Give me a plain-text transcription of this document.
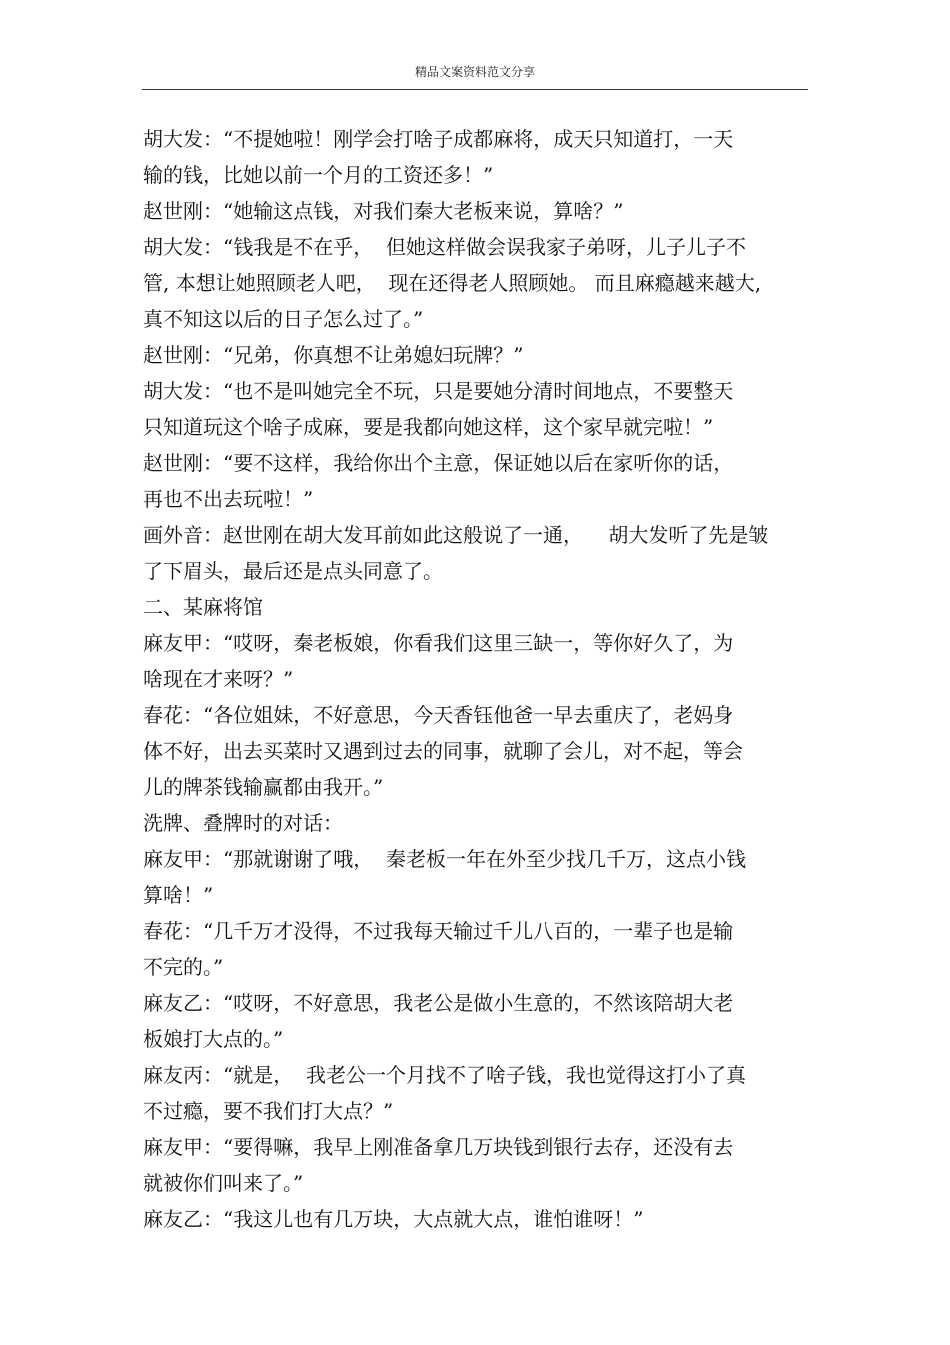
精品文案资料范文分享
胡大发：“不提她啦！刚学会打啥子成都麻将，成天只知道打，一天
输的钱，比她以前一个月的工资还多！”
赵世刚：“她输这点钱，对我们秦大老板来说，算啥？”
胡大发：“钱我是不在乎，  但她这样做会误我家子弟呀，儿子儿子不
管, 本想让她照顾老人吧，  现在还得老人照顾她。 而且麻瘾越来越大,
真不知这以后的日子怎么过了。”
赵世刚：“兄弟，你真想不让弟媳妇玩牌？”
胡大发：“也不是叫她完全不玩，只是要她分清时间地点，不要整天
只知道玩这个啥子成麻，要是我都向她这样，这个家早就完啦！”
赵世刚：“要不这样，我给你出个主意，保证她以后在家听你的话，
再也不出去玩啦！”
画外音：赵世刚在胡大发耳前如此这般说了一通，    胡大发听了先是皱
了下眉头，最后还是点头同意了。
二、某麻将馆
麻友甲：“哎呀，秦老板娘，你看我们这里三缺一，等你好久了，为
啥现在才来呀？”
春花：“各位姐妹，不好意思，今天香钰他爸一早去重庆了，老妈身
体不好，出去买菜时又遇到过去的同事，就聊了会儿，对不起，等会
儿的牌茶钱输赢都由我开。”
洗牌、叠牌时的对话：
麻友甲：“那就谢谢了哦，  秦老板一年在外至少找几千万，这点小钱
算啥！”
春花：“几千万才没得，不过我每天输过千儿八百的，一辈子也是输
不完的。”
麻友乙：“哎呀，不好意思，我老公是做小生意的，不然该陪胡大老
板娘打大点的。”
麻友丙：“就是，  我老公一个月找不了啥子钱，我也觉得这打小了真
不过瘾，要不我们打大点？”
麻友甲：“要得嘛，我早上刚准备拿几万块钱到银行去存，还没有去
就被你们叫来了。”
麻友乙：“我这儿也有几万块，大点就大点，谁怕谁呀！”
